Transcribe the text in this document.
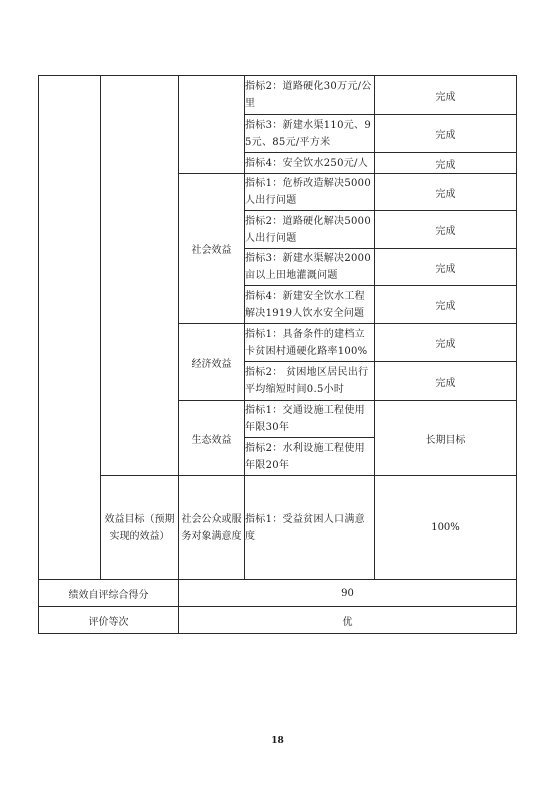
			指标2：道路硬化30万元/公里	完成
			指标3：新建水渠110元、95元、85元/平方米	完成
			指标4：安全饮水250元/人	完成
		社会效益	指标1：危桥改造解决5000人出行问题	完成
			指标2：道路硬化解决5000人出行问题	完成
			指标3：新建水渠解决2000亩以上田地灌溉问题	完成
			指标4：新建安全饮水工程解决1919人饮水安全问题	完成
		经济效益	指标1：具备条件的建档立卡贫困村通硬化路率100%	完成
			指标2： 贫困地区居民出行平均缩短时间0.5小时	完成
		生态效益	指标1：交通设施工程使用年限30年	长期目标
			指标2：水利设施工程使用年限20年	

	效益目标（预期实现的效益）	社会公众或服务对象满意度	指标1：受益贫困人口满意度	100%
绩效自评综合得分		90		
评价等次		优		
18
